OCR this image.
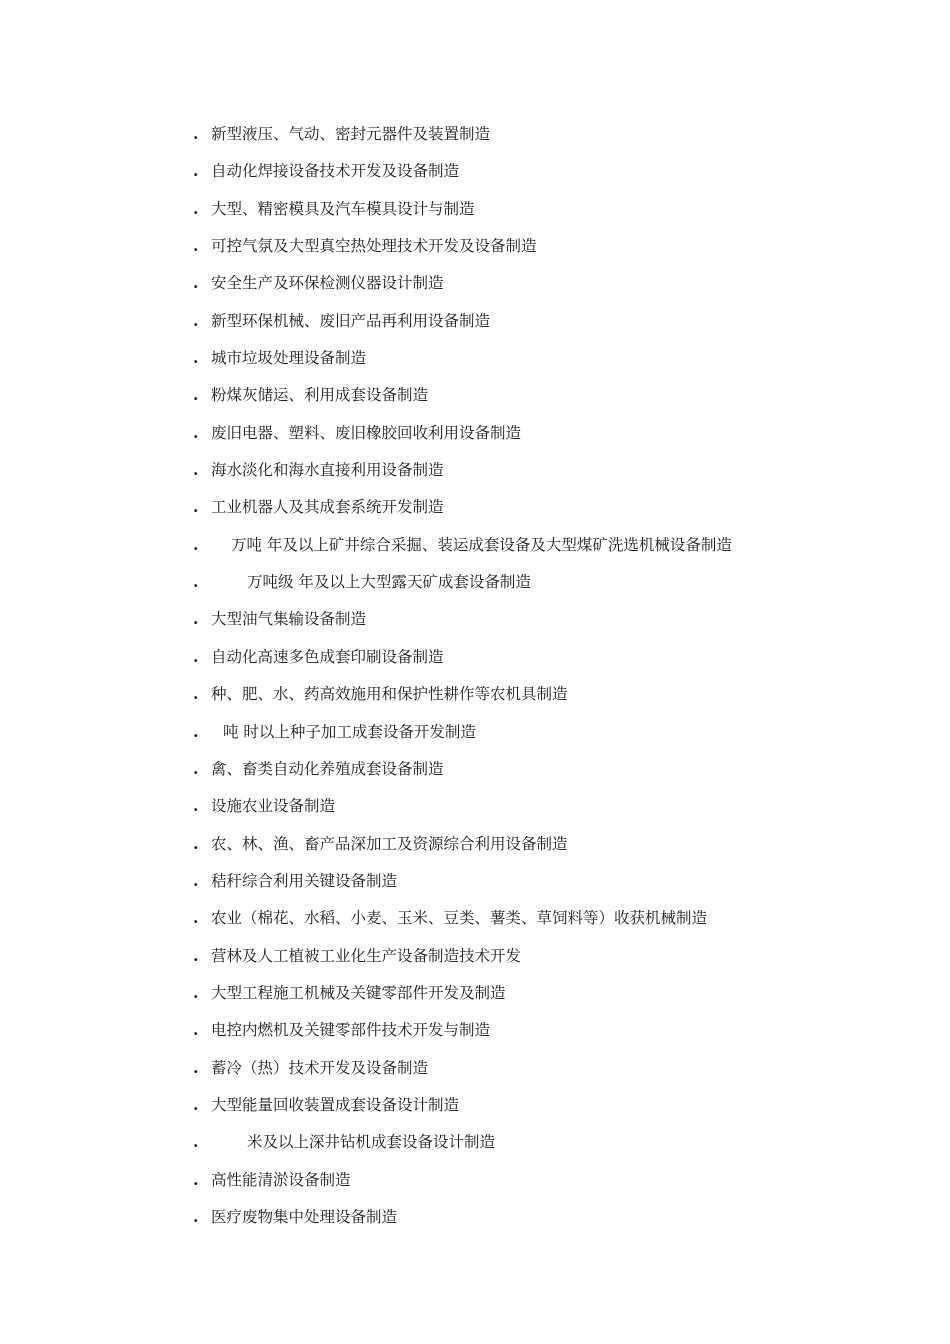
. 新型液压、气动、密封元器件及装置制造
. 自动化焊接设备技术开发及设备制造
. 大型、精密模具及汽车模具设计与制造
. 可控气氛及大型真空热处理技术开发及设备制造
. 安全生产及环保检测仪器设计制造
. 新型环保机械、废旧产品再利用设备制造
. 城市垃圾处理设备制造
. 粉煤灰储运、利用成套设备制造
. 废旧电器、塑料、废旧橡胶回收利用设备制造
. 海水淡化和海水直接利用设备制造
. 工业机器人及其成套系统开发制造
.	万吨 年及以上矿井综合采掘、装运成套设备及大型煤矿洗选机械设备制造
.	万吨级 年及以上大型露天矿成套设备制造
. 大型油气集输设备制造
. 自动化高速多色成套印刷设备制造
. 种、肥、水、药高效施用和保护性耕作等农机具制造
.	吨 时以上种子加工成套设备开发制造
. 禽、畜类自动化养殖成套设备制造
. 设施农业设备制造
. 农、林、渔、畜产品深加工及资源综合利用设备制造
. 秸秆综合利用关键设备制造
. 农业（棉花、水稻、小麦、玉米、豆类、薯类、草饲料等）收获机械制造
. 营林及人工植被工业化生产设备制造技术开发
. 大型工程施工机械及关键零部件开发及制造
. 电控内燃机及关键零部件技术开发与制造
. 蓄冷（热）技术开发及设备制造
. 大型能量回收装置成套设备设计制造
.	米及以上深井钻机成套设备设计制造
. 高性能清淤设备制造
. 医疗废物集中处理设备制造
